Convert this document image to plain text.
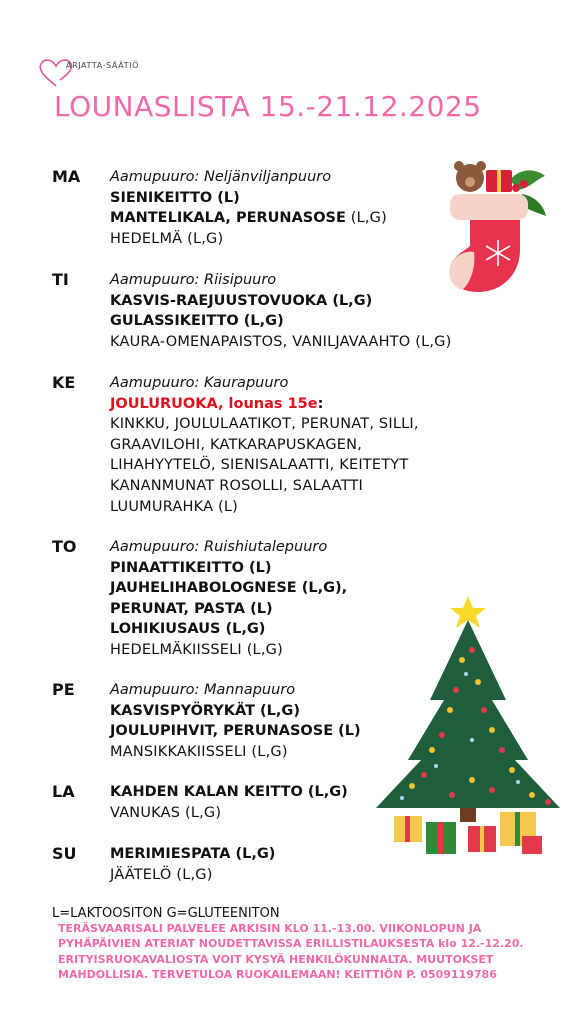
ARJATTA-SÄÄTIÖ
LOUNASLISTA 15.-21.12.2025
MA Aamupuuro: Neljänviljanpuuro
SIENIKEITTO (L)
MANTELIKALA, PERUNASOSE (L,G)
HEDELMÄ (L,G)
TI	Aamupuuro: Riisipuuro
KASVIS-RAEJUUSTOVUOKA (L,G)
GULASSIKEITTO (L,G)
KAURA-OMENAPAISTOS, VANILJAVAAHTO (L,G)
KE Aamupuuro: Kaurapuuro
JOULURUOKA, lounas 15e:
KINKKU, JOULULAATIKOT, PERUNAT, SILLI,
GRAAVILOHI, KATKARAPUSKAGEN,
LIHAHYYTELÖ, SIENISALAATTI, KEITETYT
KANANMUNAT ROSOLLI, SALAATTI
LUUMURAHKA (L)
TO Aamupuuro: Ruishiutalepuuro
PINAATTIKEITTO (L)
JAUHELIHABOLOGNESE (L,G),
PERUNAT, PASTA (L)
LOHIKIUSAUS (L,G)
HEDELMÄKIISSELI (L,G)
PE Aamupuuro: Mannapuuro
KASVISPYÖRYKÄT (L,G)
JOULUPIHVIT, PERUNASOSE (L)
MANSIKKAKIISSELI (L,G)
LA KAHDEN KALAN KEITTO (L,G)
VANUKAS (L,G)
SU MERIMIESPATA (L,G)
JÄÄTELÖ (L,G)
L=LAKTOOSITON G=GLUTEENITON
TERÄSVAARISALI PALVELEE ARKISIN KLO 11.-13.00. VIIKONLOPUN JA PYHÄPÄIVIEN ATERIAT NOUDETTAVISSA ERILLISTILAUKSESTA klo 12.-12.20. ERITYISRUOKAVALIOSTA VOIT KYSYÄ HENKILÖKUNNALTA. MUUTOKSET MAHDOLLISIA. TERVETULOA RUOKAILEMAAN! KEITTIÖN P. 0509119786
